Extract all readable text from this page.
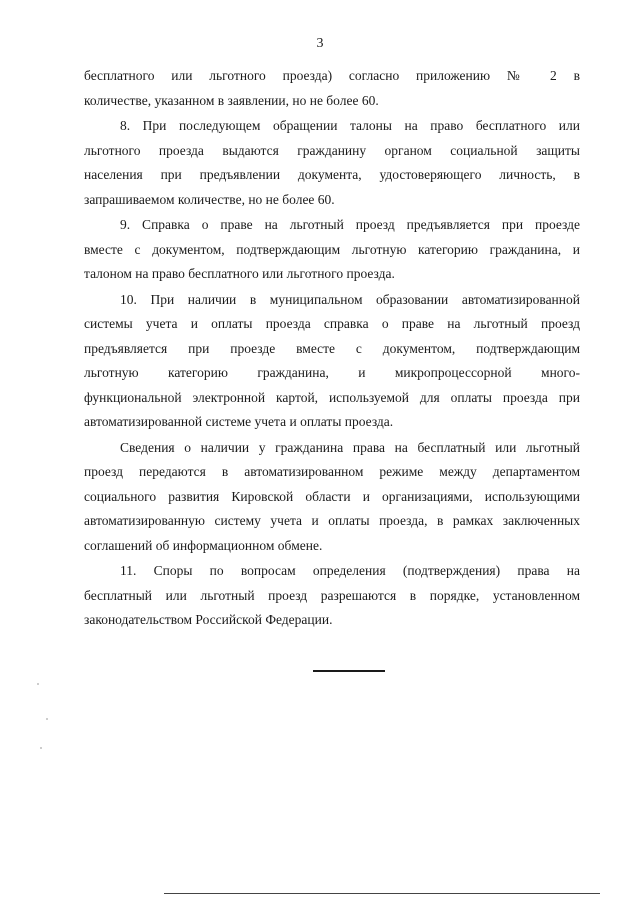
3

бесплатного или льготного проезда) согласно приложению № 2 в
количестве, указанном в заявлении, но не более 60.

8. При последующем обращении талоны на право бесплатного или
льготного проезда выдаются гражданину органом социальной защиты
населения при предъявлении документа, удостоверяющего личность, в
запрашиваемом количестве, но не более 60.

9. Справка о праве на льготный проезд предъявляется при проезде
вместе с документом, подтверждающим льготную категорию гражданина, и
талоном на право бесплатного или льготного проезда.

10. При наличии в муниципальном образовании автоматизированной
системы учета и оплаты проезда справка о праве на льготный проезд
предъявляется при проезде вместе с документом, подтверждающим
льготную категорию гражданина, и микропроцессорной много-
функциональной электронной картой, используемой для оплаты проезда при
автоматизированной системе учета и оплаты проезда.

Сведения о наличии у гражданина права на бесплатный или льготный
проезд передаются в автоматизированном режиме между департаментом
социального развития Кировской области и организациями, использующими
автоматизированную систему учета и оплаты проезда, в рамках заключенных
соглашений об информационном обмене.

11. Споры по вопросам определения (подтверждения) права на
бесплатный или льготный проезд разрешаются в порядке, установленном
законодательством Российской Федерации.
